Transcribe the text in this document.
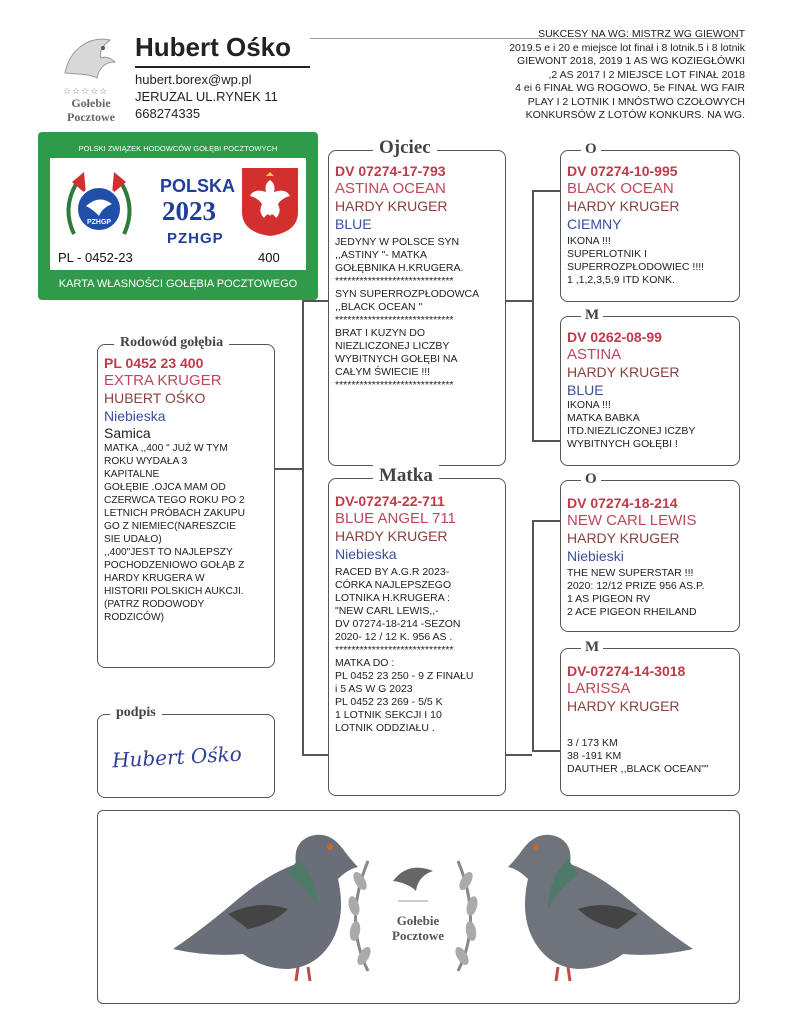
☆☆☆☆☆
Gołebie Pocztowe
Hubert Ośko
hubert.borex@wp.pl
JERUZAL UL.RYNEK 11
668274335
SUKCESY NA WG: MISTRZ WG GIEWONT
2019.5 e i 20 e miejsce lot finał i 8 lotnik.5 i 8 lotnik
GIEWONT 2018, 2019 1 AS WG KOZIEGŁÓWKI
,2 AS 2017 I 2 MIEJSCE LOT FINAŁ 2018
4 ei 6 FINAŁ WG ROGOWO, 5e FINAŁ WG FAIR
PLAY I 2 LOTNIK I MNÓSTWO CZOŁOWYCH
KONKURSÓW Z LOTÓW KONKURS. NA WG.
POLSKI ZWIĄZEK HODOWCÓW GOŁĘBI POCZTOWYCH
PZHGP
POLSKA
2023
PZHGP
PL - 0452-23	400
KARTA WŁASNOŚCI GOŁĘBIA POCZTOWEGO
Rodowód gołębia
PL 0452 23 400
EXTRA KRUGER
HUBERT OŚKO
Niebieska
Samica
MATKA ,,400 " JUŻ W TYM
ROKU WYDAŁA 3
KAPITALNE
GOŁĘBIE .OJCA MAM OD
CZERWCA TEGO ROKU PO 2
LETNICH PRÓBACH ZAKUPU
GO Z NIEMIEC(NARESZCIE
SIE UDAŁO)
,,400"JEST TO NAJLEPSZY
POCHODZENIOWO GOŁĄB Z
HARDY KRUGERA W
HISTORII POLSKICH AUKCJI.
(PATRZ RODOWODY
RODZICÓW)
podpis
Hubert Ośko
Ojciec
DV 07274-17-793
ASTINA OCEAN
HARDY KRUGER
BLUE
JEDYNY W POLSCE SYN
,,ASTINY "- MATKA
GOŁĘBNIKA H.KRUGERA.
*****************************
SYN SUPERROZPŁODOWCA
,,BLACK OCEAN "
*****************************
BRAT I KUZYN DO
NIEZLICZONEJ LICZBY
WYBITNYCH GOŁĘBI NA
CAŁYM ŚWIECIE !!!
*****************************
Matka
DV-07274-22-711
BLUE ANGEL 711
HARDY KRUGER
Niebieska
RACED BY A.G.R 2023-
CÓRKA NAJLEPSZEGO
LOTNIKA H.KRUGERA :
"NEW CARL LEWIS,,-
DV 07274-18-214 -SEZON
2020- 12 / 12 K. 956 AS .
*****************************
MATKA DO :
PL 0452 23 250 - 9 Z FINAŁU
i 5 AS W G 2023
PL 0452 23 269 - 5/5 K
1 LOTNIK SEKCJI I 10
LOTNIK ODDZIAŁU .
O
DV 07274-10-995
BLACK OCEAN
HARDY KRUGER
CIEMNY
IKONA !!!
SUPERLOTNIK I
SUPERROZPŁODOWIEC !!!!
1 ,1,2,3,5,9 ITD KONK.
M
DV 0262-08-99
ASTINA
HARDY KRUGER
BLUE
IKONA !!!
MATKA BABKA
ITD.NIEZLICZONEJ ICZBY
WYBITNYCH GOŁĘBI !
O
DV 07274-18-214
NEW CARL LEWIS
HARDY KRUGER
Niebieski
THE NEW SUPERSTAR !!!
2020: 12/12 PRIZE 956 AS.P.
1 AS PIGEON RV
2 ACE PIGEON RHEILAND
M
DV-07274-14-3018
LARISSA
HARDY KRUGER
3 / 173 KM
38 -191 KM
DAUTHER ,,BLACK OCEAN""
Gołebie Pocztowe
